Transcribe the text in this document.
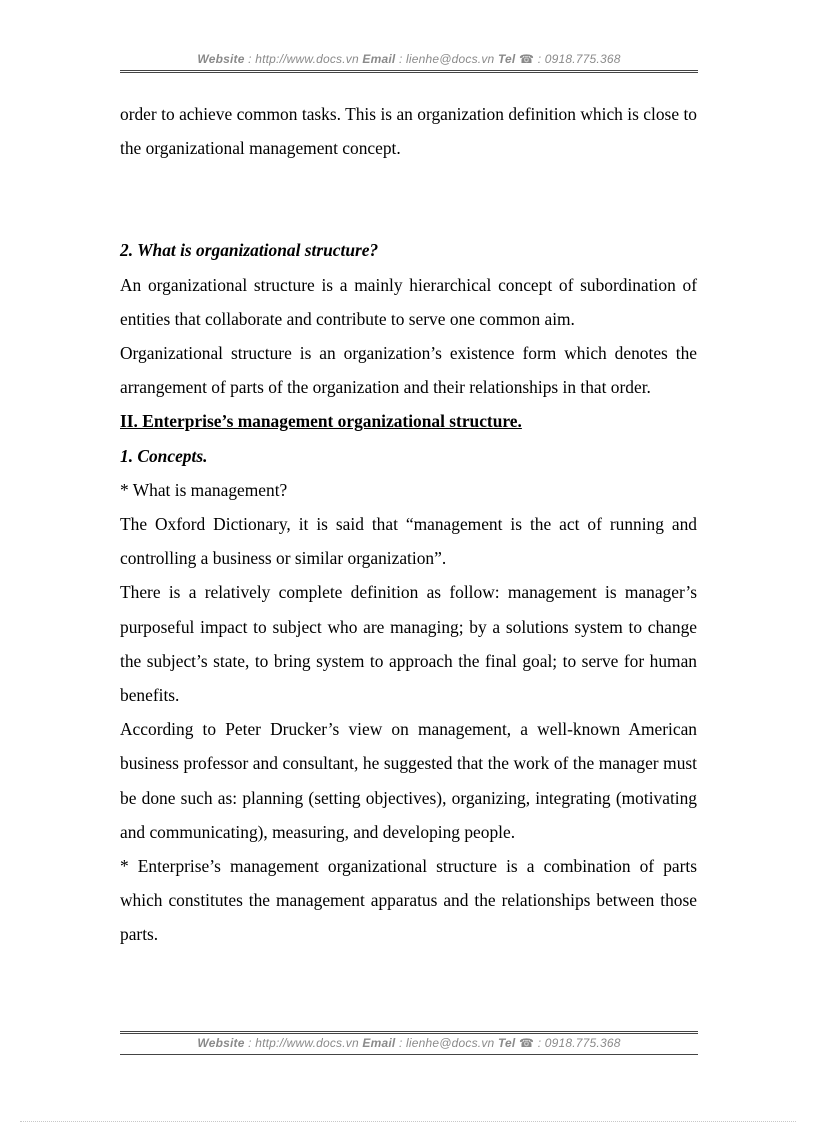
Website : http://www.docs.vn Email : lienhe@docs.vn Tel ☎ : 0918.775.368

order to achieve common tasks. This is an organization definition which is close to the organizational management concept.

2. What is organizational structure?

An organizational structure is a mainly hierarchical concept of subordination of entities that collaborate and contribute to serve one common aim.

Organizational structure is an organization’s existence form which denotes the arrangement of parts of the organization and their relationships in that order.

II. Enterprise’s management organizational structure.
1. Concepts.

* What is management?

The Oxford Dictionary, it is said that “management is the act of running and controlling a business or similar organization”.

There is a relatively complete definition as follow: management is manager’s purposeful impact to subject who are managing; by a solutions system to change the subject’s state, to bring system to approach the final goal; to serve for human benefits.

According to Peter Drucker’s view on management, a well-known American business professor and consultant, he suggested that the work of the manager must be done such as: planning (setting objectives), organizing, integrating (motivating and communicating), measuring, and developing people.

* Enterprise’s management organizational structure is a combination of parts which constitutes the management apparatus and the relationships between those parts.

Website : http://www.docs.vn Email : lienhe@docs.vn Tel ☎ : 0918.775.368
